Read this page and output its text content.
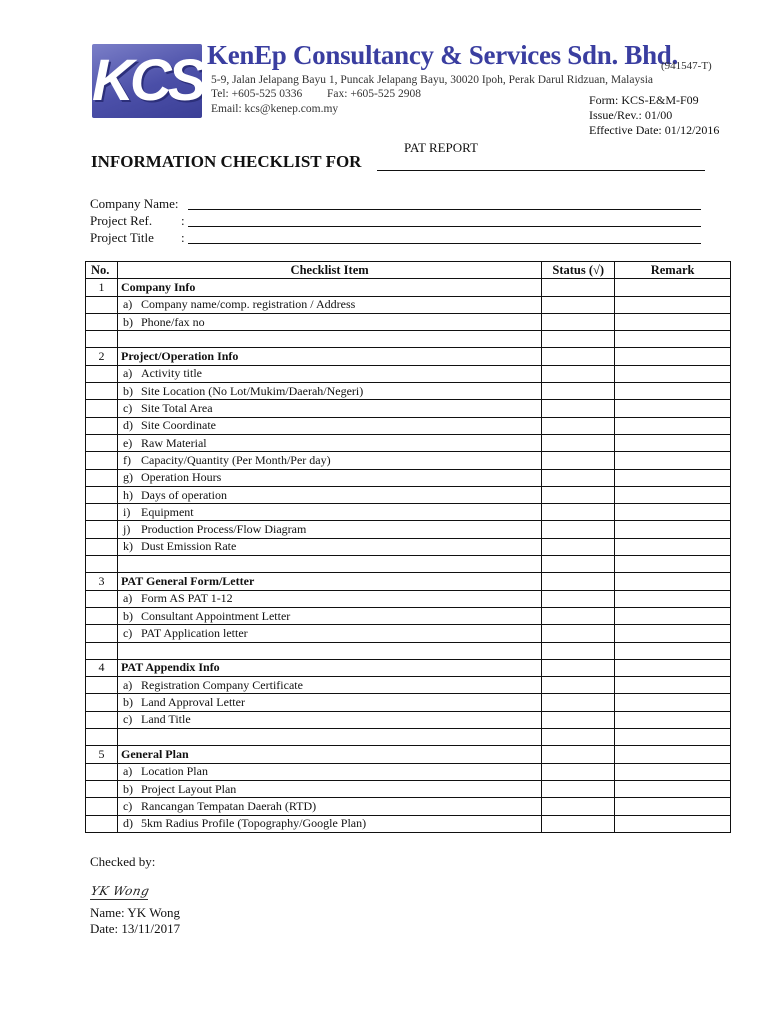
KCS KenEp Consultancy & Services Sdn. Bhd.
(941547-T)
5-9, Jalan Jelapang Bayu 1, Puncak Jelapang Bayu, 30020 Ipoh, Perak Darul Ridzuan, Malaysia
Tel: +605-525 0336 Fax: +605-525 2908
Email: kcs@kenep.com.my
Form: KCS-E&M-F09
Issue/Rev.: 01/00
Effective Date: 01/12/2016
PAT REPORT
INFORMATION CHECKLIST FOR
Company Name:
Project Ref. :
Project Title :
No.	Checklist Item	Status (√)	Remark
1	Company Info		

	a) Company name/comp. registration / Address		

	b) Phone/fax no		

2	Project/Operation Info		

	a) Activity title		

	b) Site Location (No Lot/Mukim/Daerah/Negeri)		

	c) Site Total Area		

	d) Site Coordinate		

	e) Raw Material		

	f) Capacity/Quantity (Per Month/Per day)		

	g) Operation Hours		

	h) Days of operation		

	i) Equipment		

	j) Production Process/Flow Diagram		

	k) Dust Emission Rate		

3	PAT General Form/Letter		

	a) Form AS PAT 1-12		

	b) Consultant Appointment Letter		

	c) PAT Application letter		

4	PAT Appendix Info		

	a) Registration Company Certificate		

	b) Land Approval Letter		

	c) Land Title		

5	General Plan		

	a) Location Plan		

	b) Project Layout Plan		

	c) Rancangan Tempatan Daerah (RTD)		

	d) 5km Radius Profile (Topography/Google Plan)		

Checked by:
YK Wong
Name: YK Wong
Date: 13/11/2017
